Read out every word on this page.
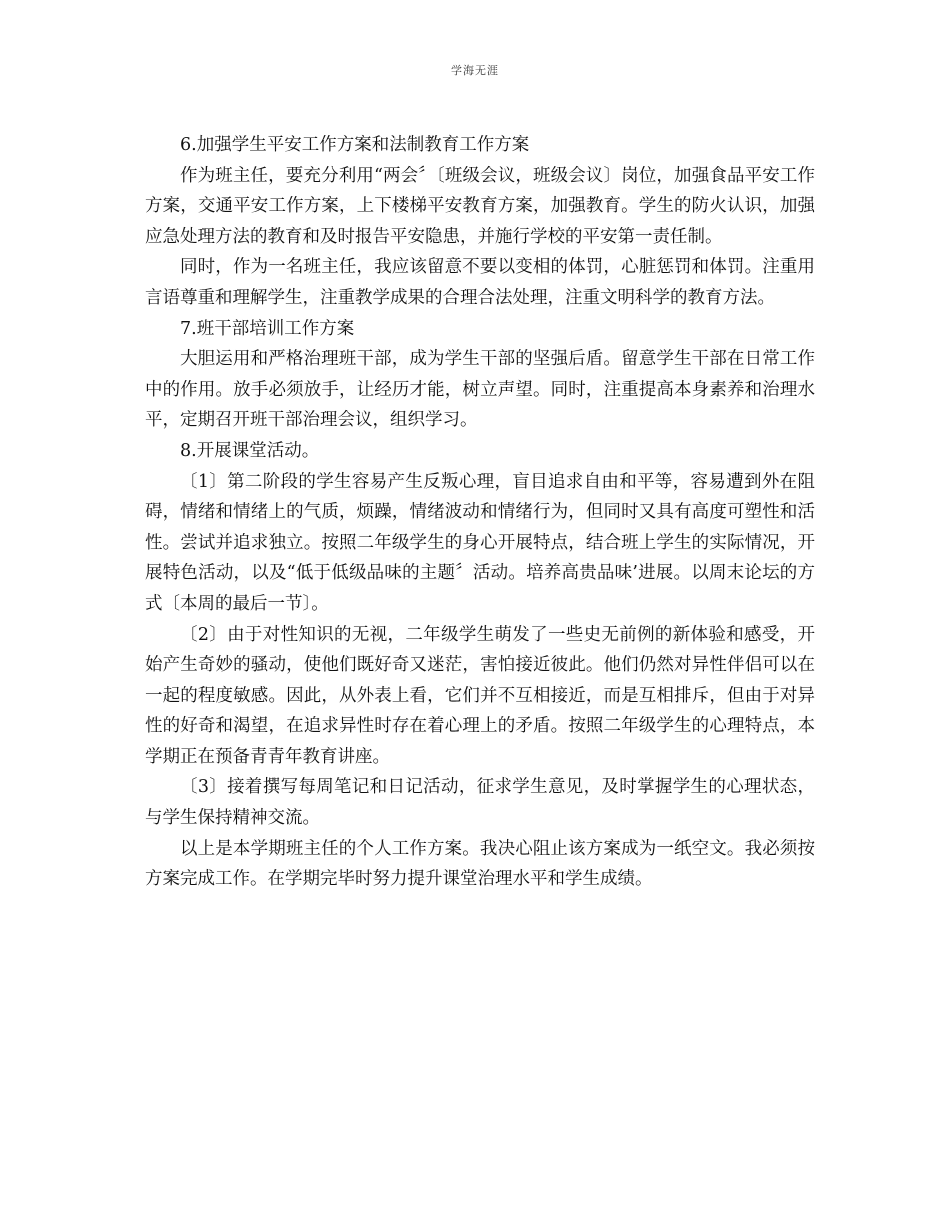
学海无涯

6.加强学生平安工作方案和法制教育工作方案

作为班主任，要充分利用“两会〞〔班级会议，班级会议〕岗位，加强食品平安工作方案，交通平安工作方案，上下楼梯平安教育方案，加强教育。学生的防火认识，加强应急处理方法的教育和及时报告平安隐患，并施行学校的平安第一责任制。

同时，作为一名班主任，我应该留意不要以变相的体罚，心脏惩罚和体罚。注重用言语尊重和理解学生，注重教学成果的合理合法处理，注重文明科学的教育方法。

7.班干部培训工作方案

大胆运用和严格治理班干部，成为学生干部的坚强后盾。留意学生干部在日常工作中的作用。放手必须放手，让经历才能，树立声望。同时，注重提高本身素养和治理水平，定期召开班干部治理会议，组织学习。

8.开展课堂活动。

〔1〕第二阶段的学生容易产生反叛心理，盲目追求自由和平等，容易遭到外在阻碍，情绪和情绪上的气质，烦躁，情绪波动和情绪行为，但同时又具有高度可塑性和活性。尝试并追求独立。按照二年级学生的身心开展特点，结合班上学生的实际情况，开展特色活动，以及“低于低级品味的主题〞活动。培养高贵品味’进展。以周末论坛的方式〔本周的最后一节〕。

〔2〕由于对性知识的无视，二年级学生萌发了一些史无前例的新体验和感受，开始产生奇妙的骚动，使他们既好奇又迷茫，害怕接近彼此。他们仍然对异性伴侣可以在一起的程度敏感。因此，从外表上看，它们并不互相接近，而是互相排斥，但由于对异性的好奇和渴望，在追求异性时存在着心理上的矛盾。按照二年级学生的心理特点，本学期正在预备青青年教育讲座。

〔3〕接着撰写每周笔记和日记活动，征求学生意见，及时掌握学生的心理状态，与学生保持精神交流。

以上是本学期班主任的个人工作方案。我决心阻止该方案成为一纸空文。我必须按方案完成工作。在学期完毕时努力提升课堂治理水平和学生成绩。
